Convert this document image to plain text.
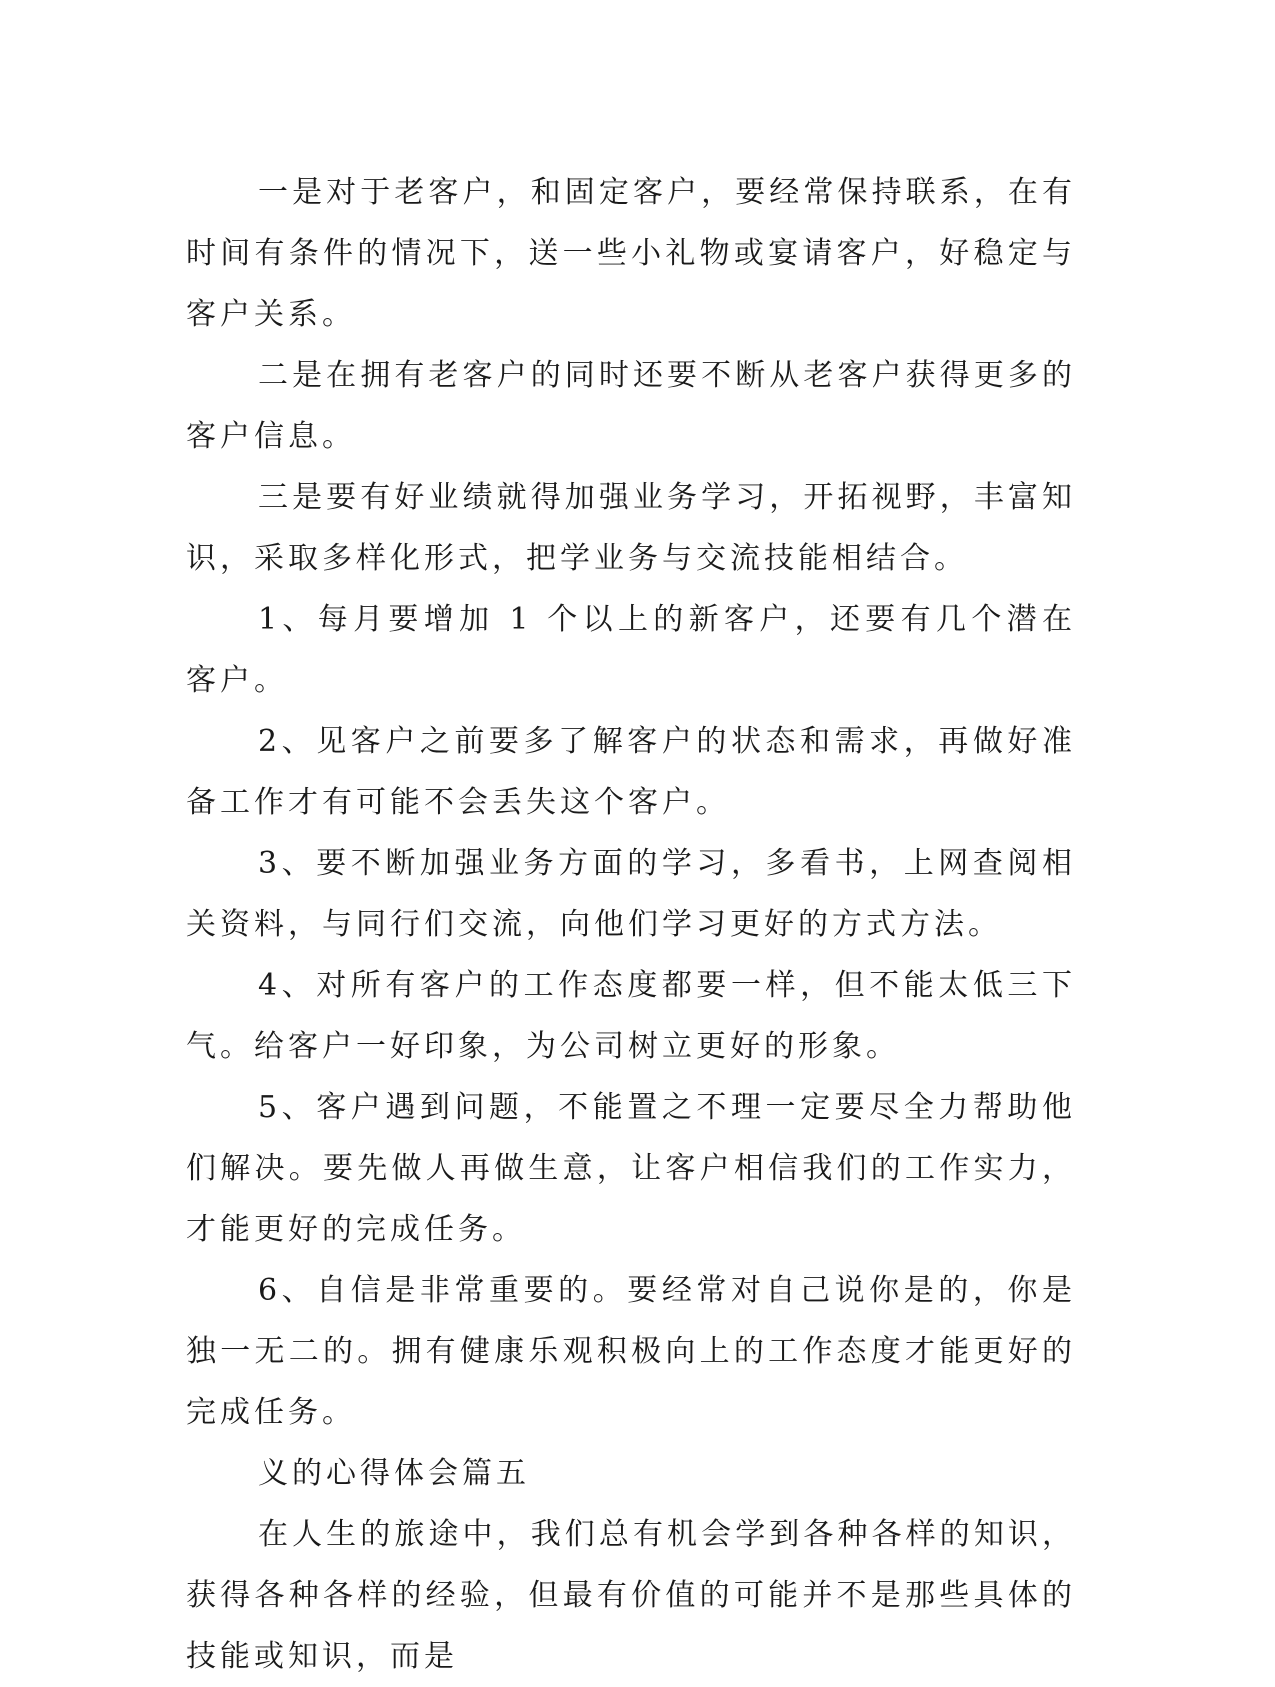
一是对于老客户，和固定客户，要经常保持联系，在有时间有条件的情况下，送一些小礼物或宴请客户，好稳定与客户关系。

二是在拥有老客户的同时还要不断从老客户获得更多的客户信息。

三是要有好业绩就得加强业务学习，开拓视野，丰富知识，采取多样化形式，把学业务与交流技能相结合。

1、每月要增加 1 个以上的新客户，还要有几个潜在客户。

2、见客户之前要多了解客户的状态和需求，再做好准备工作才有可能不会丢失这个客户。

3、要不断加强业务方面的学习，多看书，上网查阅相关资料，与同行们交流，向他们学习更好的方式方法。

4、对所有客户的工作态度都要一样，但不能太低三下气。给客户一好印象，为公司树立更好的形象。

5、客户遇到问题，不能置之不理一定要尽全力帮助他们解决。要先做人再做生意，让客户相信我们的工作实力，才能更好的完成任务。

6、自信是非常重要的。要经常对自己说你是的，你是独一无二的。拥有健康乐观积极向上的工作态度才能更好的完成任务。

义的心得体会篇五

在人生的旅途中，我们总有机会学到各种各样的知识，获得各种各样的经验，但最有价值的可能并不是那些具体的技能或知识，而是
